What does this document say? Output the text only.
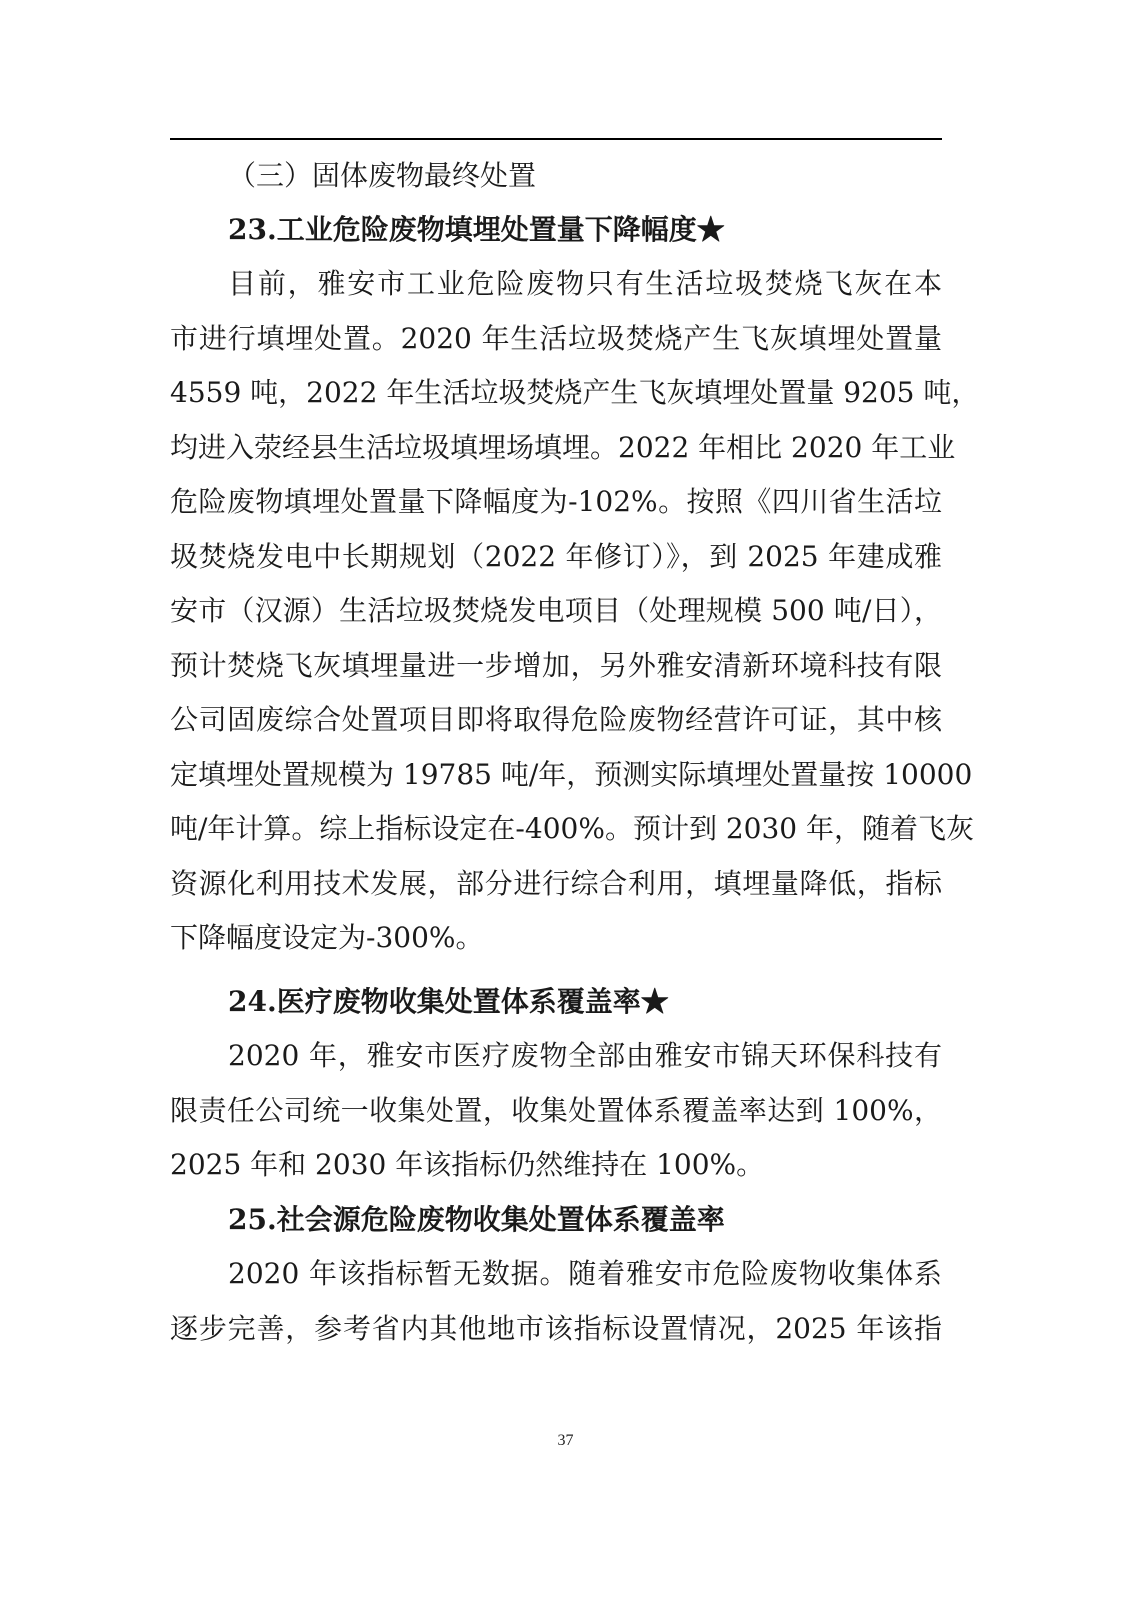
（三）固体废物最终处置
23.工业危险废物填埋处置量下降幅度★
目前，雅安市工业危险废物只有生活垃圾焚烧飞灰在本
市进行填埋处置。2020 年生活垃圾焚烧产生飞灰填埋处置量
4559 吨，2022 年生活垃圾焚烧产生飞灰填埋处置量 9205 吨，
均进入荥经县生活垃圾填埋场填埋。2022 年相比 2020 年工业
危险废物填埋处置量下降幅度为-102%。按照《四川省生活垃
圾焚烧发电中长期规划（2022 年修订）》，到 2025 年建成雅
安市（汉源）生活垃圾焚烧发电项目（处理规模 500 吨/日），
预计焚烧飞灰填埋量进一步增加，另外雅安清新环境科技有限
公司固废综合处置项目即将取得危险废物经营许可证，其中核
定填埋处置规模为 19785 吨/年，预测实际填埋处置量按 10000
吨/年计算。综上指标设定在-400%。预计到 2030 年，随着飞灰
资源化利用技术发展，部分进行综合利用，填埋量降低，指标
下降幅度设定为-300%。
24.医疗废物收集处置体系覆盖率★
2020 年，雅安市医疗废物全部由雅安市锦天环保科技有
限责任公司统一收集处置，收集处置体系覆盖率达到 100%，
2025 年和 2030 年该指标仍然维持在 100%。
25.社会源危险废物收集处置体系覆盖率
2020 年该指标暂无数据。随着雅安市危险废物收集体系
逐步完善，参考省内其他地市该指标设置情况，2025 年该指
37
